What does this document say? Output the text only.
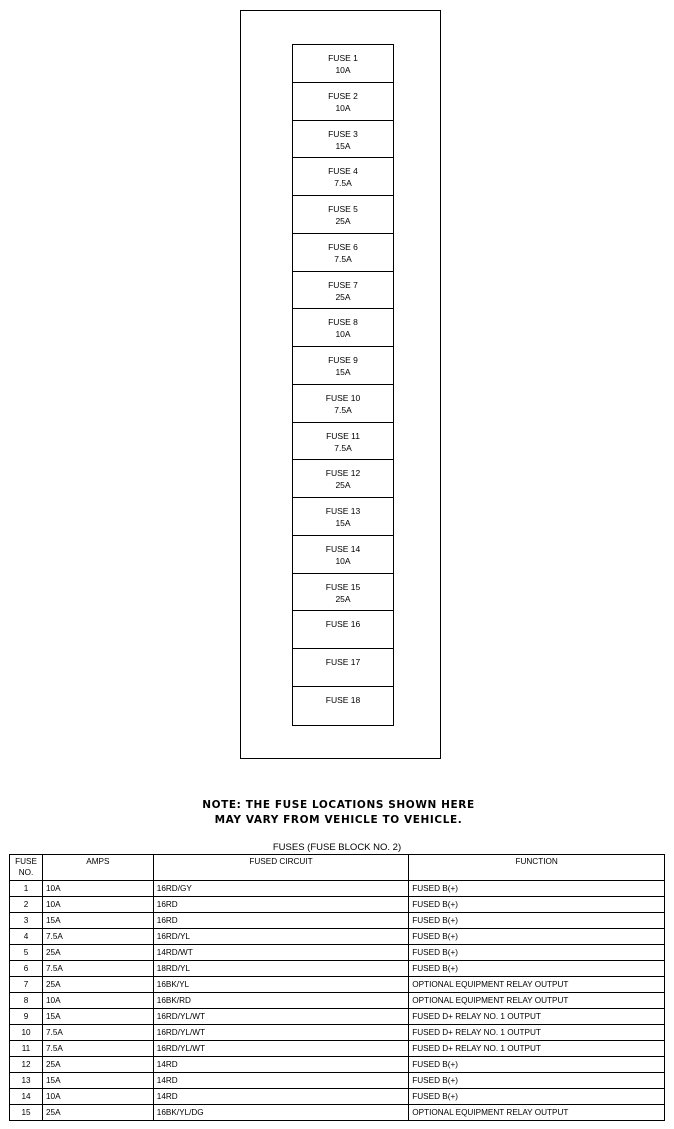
FUSE 1
10A
FUSE 2
10A
FUSE 3
15A
FUSE 4
7.5A
FUSE 5
25A
FUSE 6
7.5A
FUSE 7
25A
FUSE 8
10A
FUSE 9
15A
FUSE 10
7.5A
FUSE 11
7.5A
FUSE 12
25A
FUSE 13
15A
FUSE 14
10A
FUSE 15
25A
FUSE 16
FUSE 17
FUSE 18
NOTE: THE FUSE LOCATIONS SHOWN HERE
MAY VARY FROM VEHICLE TO VEHICLE.
FUSES (FUSE BLOCK NO. 2)
FUSE
NO.	AMPS	FUSED CIRCUIT	FUNCTION
1	10A	16RD/GY	FUSED B(+)
2	10A	16RD	FUSED B(+)
3	15A	16RD	FUSED B(+)
4	7.5A	16RD/YL	FUSED B(+)
5	25A	14RD/WT	FUSED B(+)
6	7.5A	18RD/YL	FUSED B(+)
7	25A	16BK/YL	OPTIONAL EQUIPMENT RELAY OUTPUT
8	10A	16BK/RD	OPTIONAL EQUIPMENT RELAY OUTPUT
9	15A	16RD/YL/WT	FUSED D+ RELAY NO. 1 OUTPUT
10	7.5A	16RD/YL/WT	FUSED D+ RELAY NO. 1 OUTPUT
11	7.5A	16RD/YL/WT	FUSED D+ RELAY NO. 1 OUTPUT
12	25A	14RD	FUSED B(+)
13	15A	14RD	FUSED B(+)
14	10A	14RD	FUSED B(+)
15	25A	16BK/YL/DG	OPTIONAL EQUIPMENT RELAY OUTPUT
